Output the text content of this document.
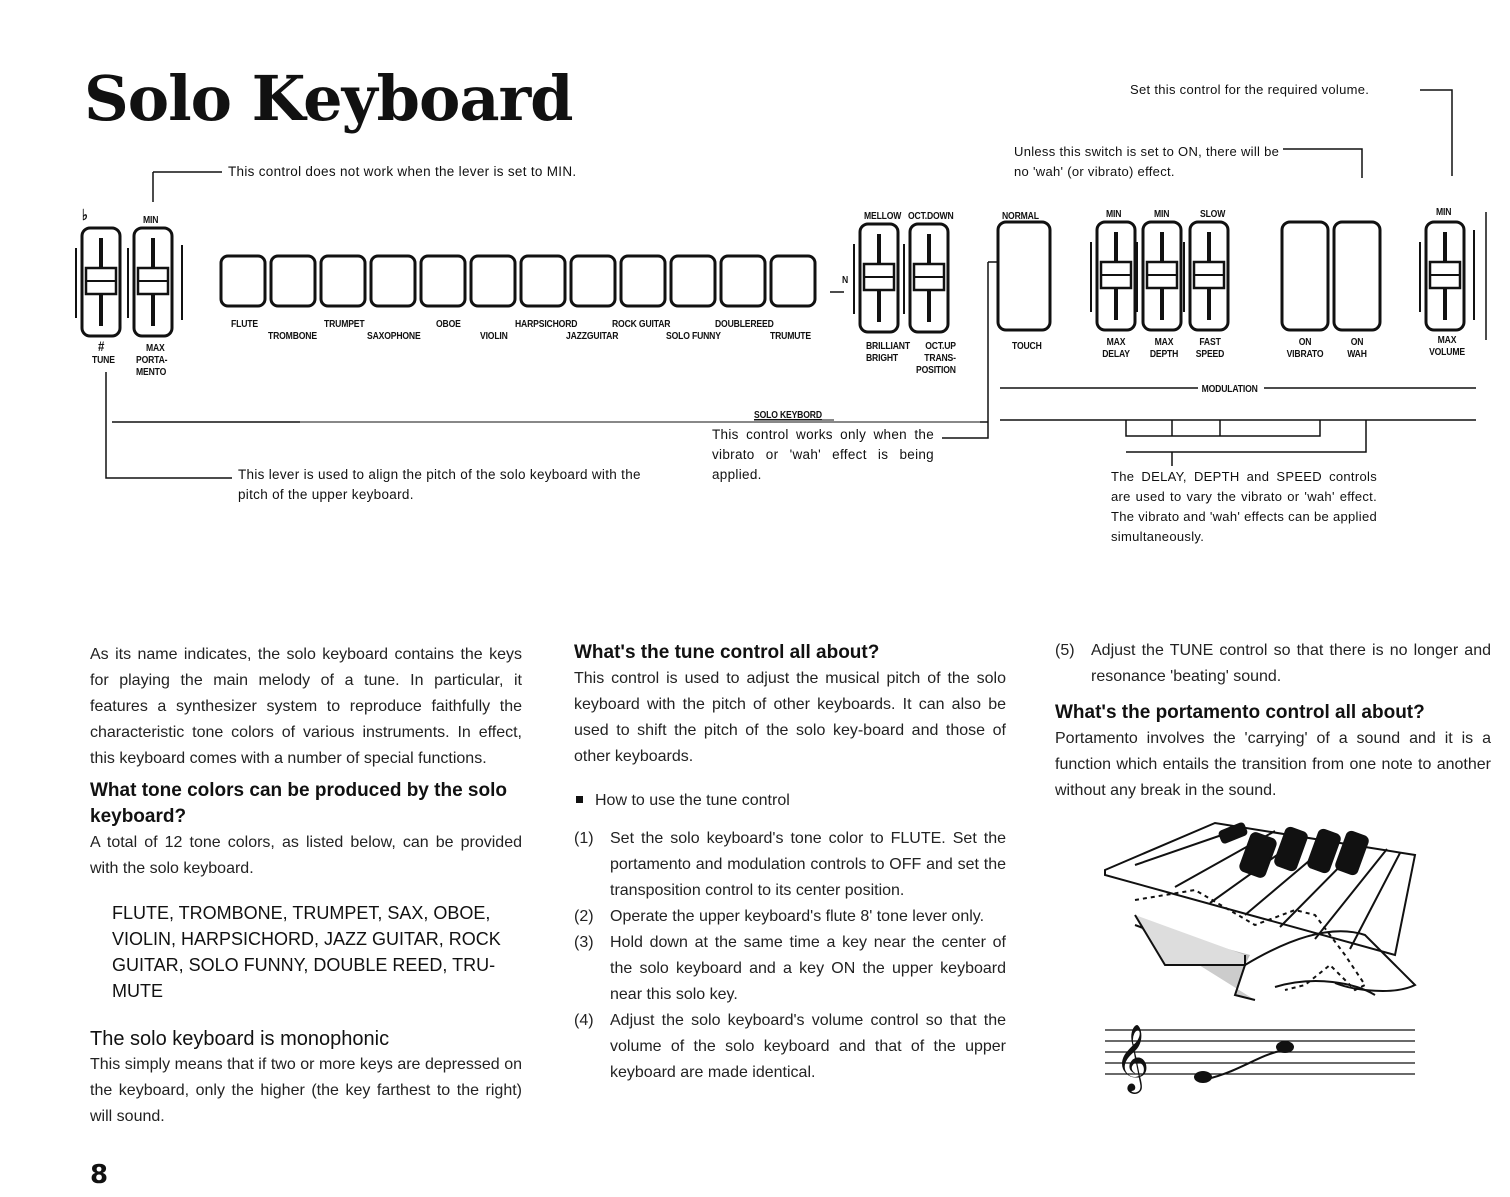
Solo Keyboard	Set this control for the required volume.
Unless this switch is set to ON, there will be no 'wah' (or vibrato) effect.
This control does not work when the lever is set to MIN.
This lever is used to align the pitch of the solo keyboard with the pitch of the upper keyboard.
This control works only when the vibrato or 'wah' effect is being applied.	The DELAY, DEPTH and SPEED controls are used to vary the vibrato or 'wah' effect. The vibrato and 'wah' effects can be applied simultaneously.
♭	MIN
#
TUNE
MAX
PORTA-
MENTO
FLUTE	TRUMPET	OBOE	HARPSICHORD	ROCK GUITAR	DOUBLEREED
TROMBONE	SAXOPHONE	VIOLIN	JAZZGUITAR	SOLO FUNNY	TRUMUTE
MELLOW
N
BRILLIANT
BRIGHT
OCT.DOWN
OCT.UP
TRANS-
POSITION
NORMAL
TOUCH
MIN	MIN	SLOW
MAX
DELAY
MAX
DEPTH
FAST
SPEED
ON
VIBRATO
ON
WAH
MIN
MAX
VOLUME
MODULATION
SOLO KEYBORD
As its name indicates, the solo keyboard contains the keys for playing the main melody of a tune. In particular, it features a synthesizer system to reproduce faithfully the characteristic tone colors of various instruments. In effect, this keyboard comes with a number of special functions.
What tone colors can be produced by the solo keyboard?
A total of 12 tone colors, as listed below, can be provided with the solo keyboard.
FLUTE, TROMBONE, TRUMPET, SAX, OBOE, VIOLIN, HARPSICHORD, JAZZ GUITAR, ROCK GUITAR, SOLO FUNNY, DOUBLE REED, TRU-MUTE
The solo keyboard is monophonic
This simply means that if two or more keys are depressed on the keyboard, only the higher (the key farthest to the right) will sound.
What's the tune control all about?
This control is used to adjust the musical pitch of the solo keyboard with the pitch of other keyboards. It can also be used to shift the pitch of the solo key-board and those of other keyboards.
How to use the tune control
(1)	Set the solo keyboard's tone color to FLUTE. Set the portamento and modulation controls to OFF and set the transposition control to its center position.
(2)	Operate the upper keyboard's flute 8' tone lever only.
(3)	Hold down at the same time a key near the center of the solo keyboard and a key ON the upper keyboard near this solo key.
(4)	Adjust the solo keyboard's volume control so that the volume of the solo keyboard and that of the upper keyboard are made identical.
(5)	Adjust the TUNE control so that there is no longer and resonance 'beating' sound.
What's the portamento control all about?
Portamento involves the 'carrying' of a sound and it is a function which entails the transition from one note to another without any break in the sound.
𝄞
8
